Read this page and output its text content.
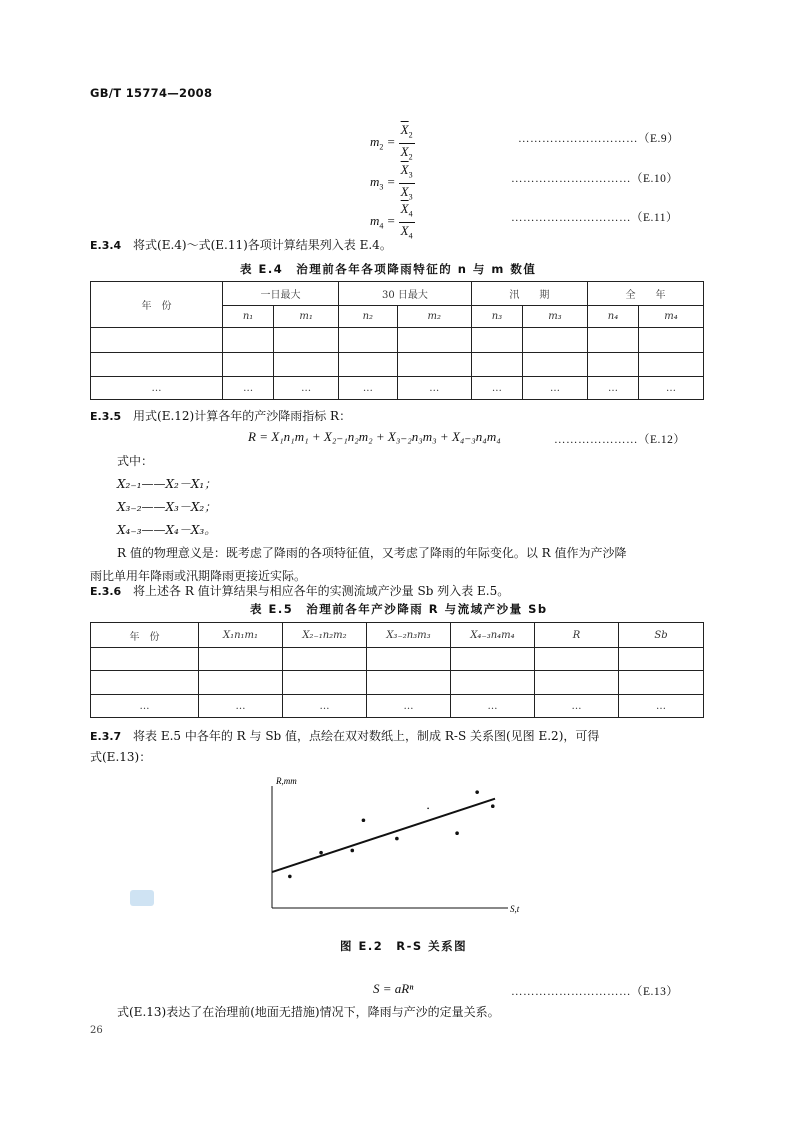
GB/T 15774—2008
$m_2 = \frac{\overline{X}_2}{X_2}$	…………………………（E.9）
$m_3 = \frac{\overline{X}_3}{X_3}$	…………………………（E.10）
$m_4 = \frac{\overline{X}_4}{X_4}$	…………………………（E.11）
E.3.4 将式(E.4)～式(E.11)各项计算结果列入表 E.4。
表 E.4　治理前各年各项降雨特征的 n 与 m 数值
年　份	一日最大		30 日最大		汛　　期		全　　年	
	n₁	m₁	n₂	m₂	n₃	m₃	n₄	m₄

…	…	…	…	…	…	…	…	…
E.3.5 用式(E.12)计算各年的产沙降雨指标 R：
R = X₁n₁m₁ + X₂₋₁n₂m₂ + X₃₋₂n₃m₃ + X₄₋₃n₄m₄	…………………（E.12）
式中：
X₂₋₁——X₂－X₁；
X₃₋₂——X₃－X₂；
X₄₋₃——X₄－X₃。
R 值的物理意义是：既考虑了降雨的各项特征值，又考虑了降雨的年际变化。以 R 值作为产沙降
雨比单用年降雨或汛期降雨更接近实际。
E.3.6 将上述各 R 值计算结果与相应各年的实测流域产沙量 Sb 列入表 E.5。
表 E.5　治理前各年产沙降雨 R 与流域产沙量 Sb
年　份	X₁n₁m₁	X₂₋₁n₂m₂	X₃₋₂n₃m₃	X₄₋₃n₄m₄	R	Sb

…	…	…	…	…	…	…
E.3.7 将表 E.5 中各年的 R 与 Sb 值，点绘在双对数纸上，制成 R-S 关系图(见图 E.2)，可得
式(E.13)：
R,mm
S,t
图 E.2　R-S 关系图
S = aRⁿ	…………………………（E.13）
式(E.13)表达了在治理前(地面无措施)情况下，降雨与产沙的定量关系。
26
